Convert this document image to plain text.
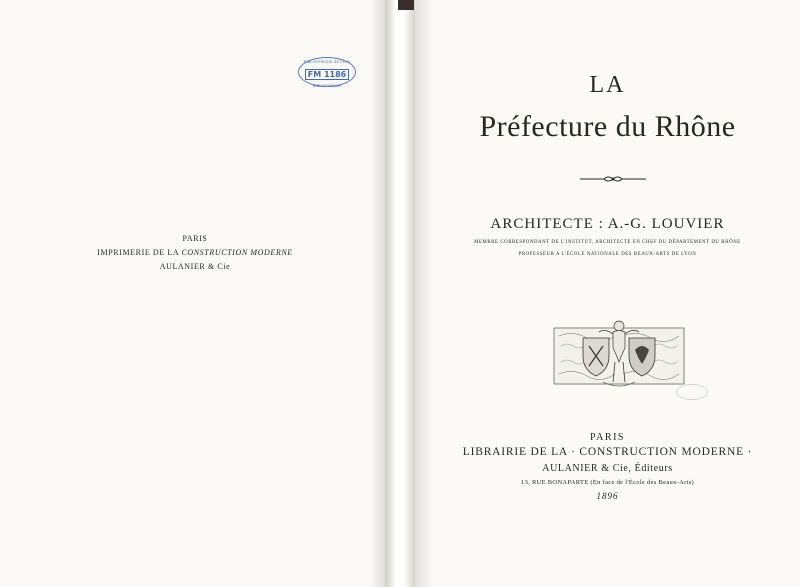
BIBLIOTHÈQUE DE LYON
FM 1186
BIBLIOTHÈQUE
PARIS
IMPRIMERIE DE LA CONSTRUCTION MODERNE
AULANIER & Cie
LA
Préfecture du Rhône
ARCHITECTE : A.-G. LOUVIER
MEMBRE CORRESPONDANT DE L'INSTITUT, ARCHITECTE EN CHEF DU DÉPARTEMENT DU RHÔNE
PROFESSEUR A L'ÉCOLE NATIONALE DES BEAUX-ARTS DE LYON
PARIS
LIBRAIRIE DE LA · CONSTRUCTION MODERNE ·
AULANIER & Cie, Éditeurs
13, RUE BONAPARTE (En face de l'École des Beaux-Arts)
1896
